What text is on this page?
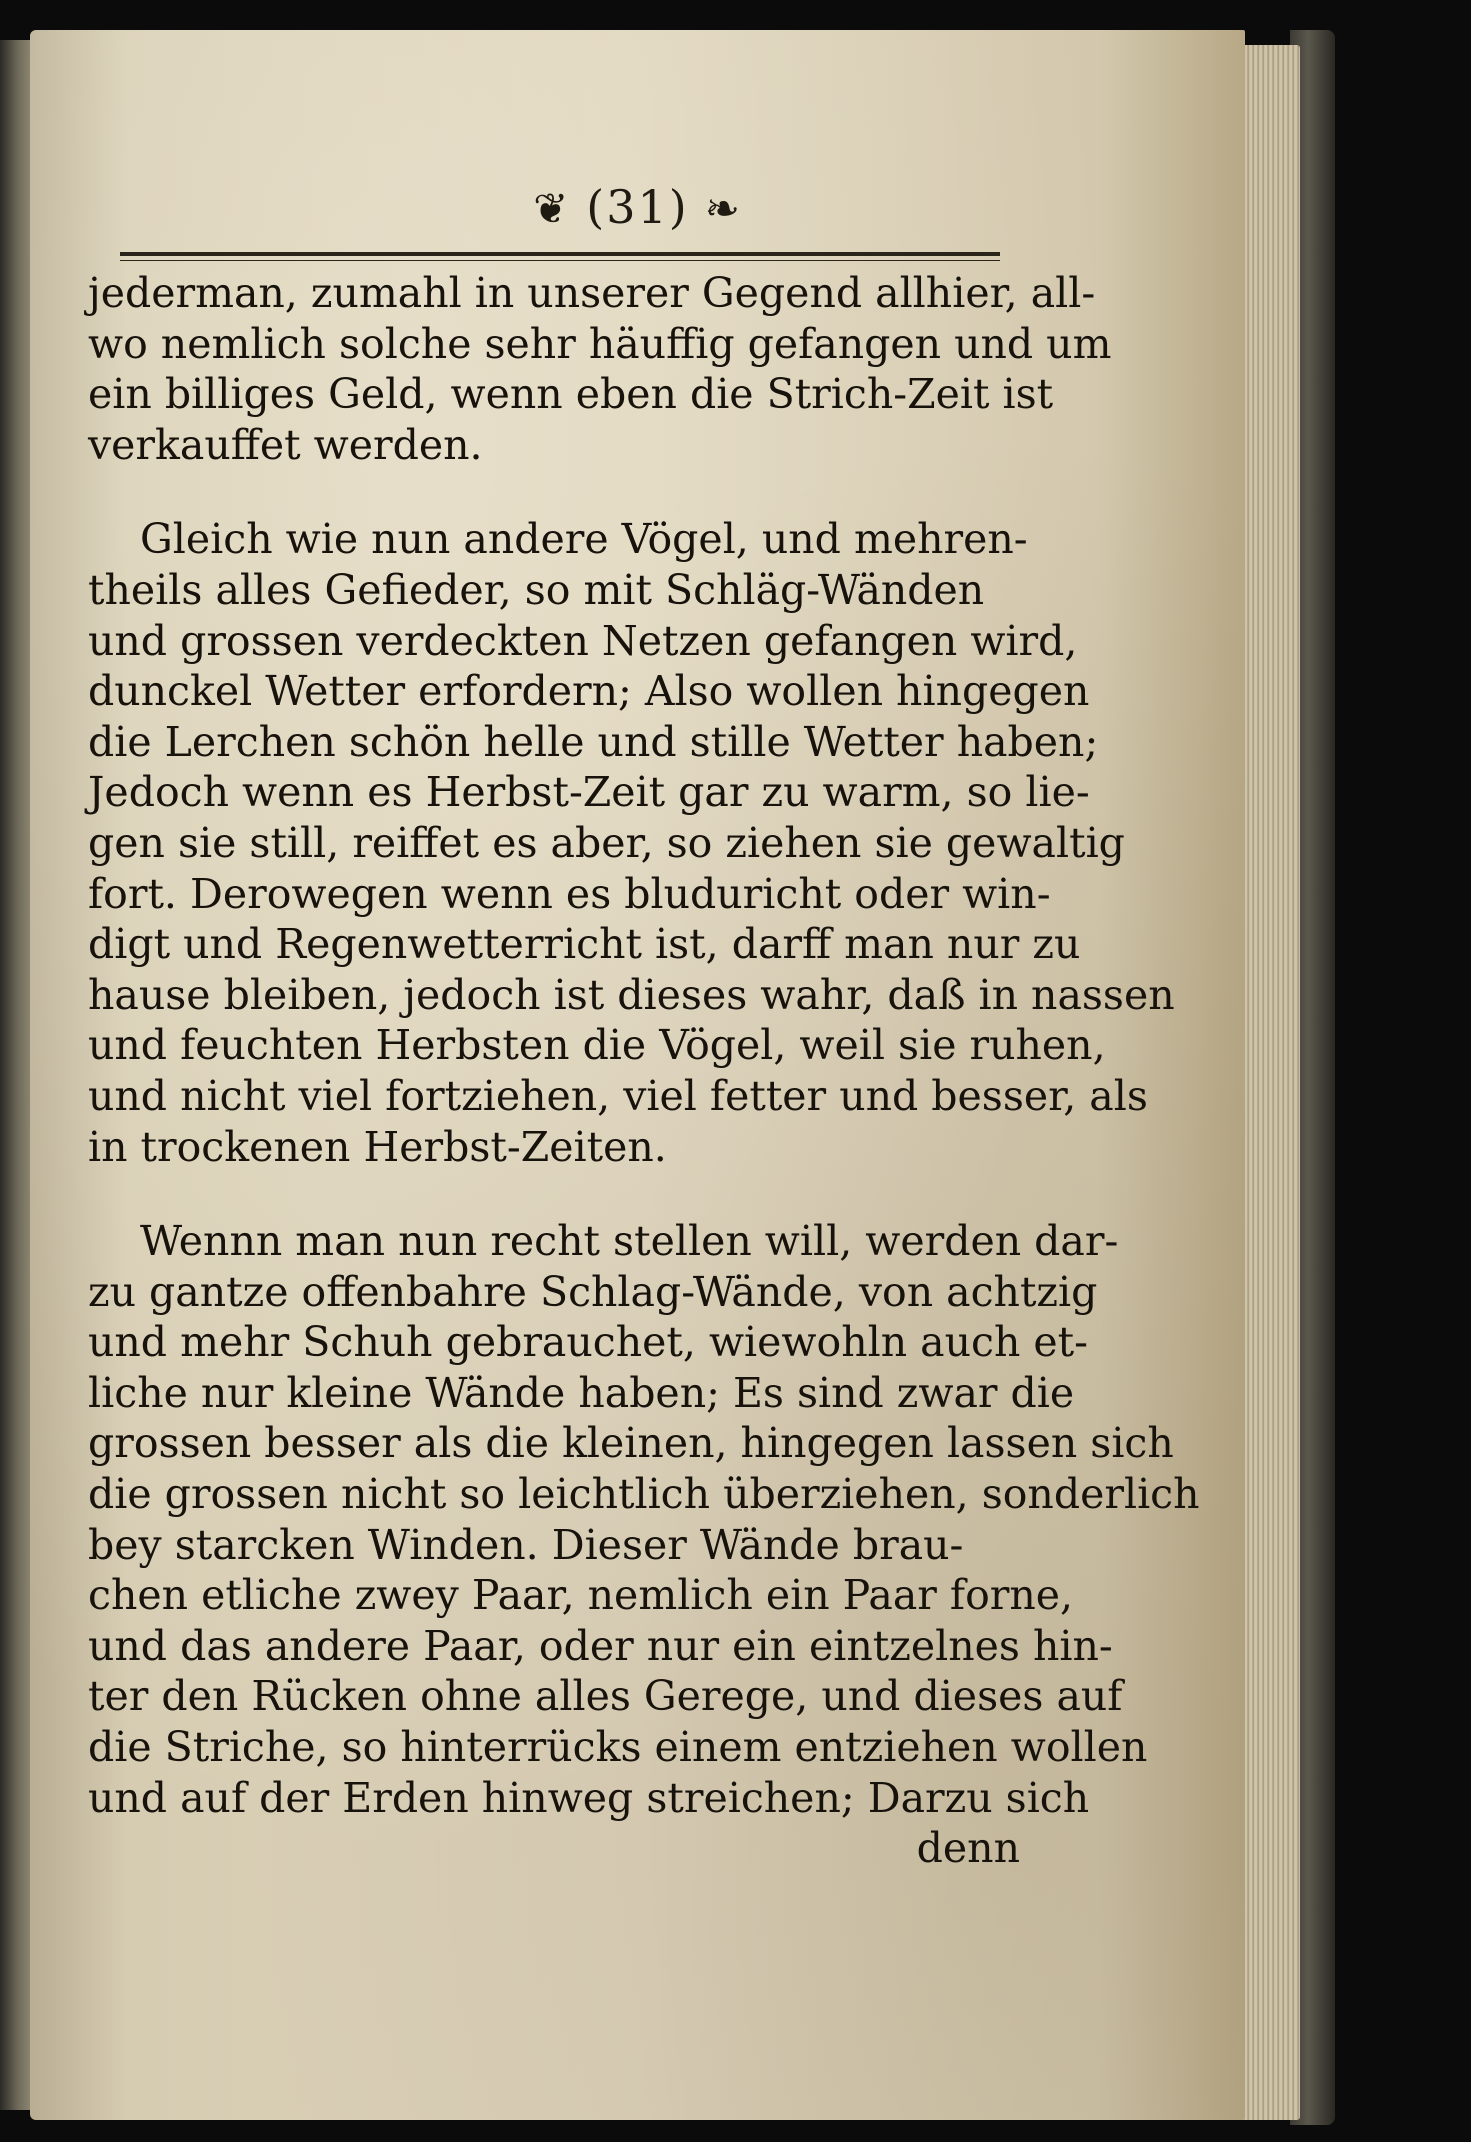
❦ (31) ❧
jederman, zumahl in unserer Gegend allhier, all-
wo nemlich solche sehr häuffig gefangen und um
ein billiges Geld, wenn eben die Strich-Zeit ist
verkauffet werden.
Gleich wie nun andere Vögel, und mehren-
theils alles Gefieder, so mit Schläg-Wänden
und grossen verdeckten Netzen gefangen wird,
dunckel Wetter erfordern; Also wollen hingegen
die Lerchen schön helle und stille Wetter haben;
Jedoch wenn es Herbst-Zeit gar zu warm, so lie-
gen sie still, reiffet es aber, so ziehen sie gewaltig
fort. Derowegen wenn es bluduricht oder win-
digt und Regenwetterricht ist, darff man nur zu
hause bleiben, jedoch ist dieses wahr, daß in nassen
und feuchten Herbsten die Vögel, weil sie ruhen,
und nicht viel fortziehen, viel fetter und besser, als
in trockenen Herbst-Zeiten.
Wennn man nun recht stellen will, werden dar-
zu gantze offenbahre Schlag-Wände, von achtzig
und mehr Schuh gebrauchet, wiewohln auch et-
liche nur kleine Wände haben; Es sind zwar die
grossen besser als die kleinen, hingegen lassen sich
die grossen nicht so leichtlich überziehen, sonderlich
bey starcken Winden. Dieser Wände brau-
chen etliche zwey Paar, nemlich ein Paar forne,
und das andere Paar, oder nur ein eintzelnes hin-
ter den Rücken ohne alles Gerege, und dieses auf
die Striche, so hinterrücks einem entziehen wollen
und auf der Erden hinweg streichen; Darzu sich
denn
